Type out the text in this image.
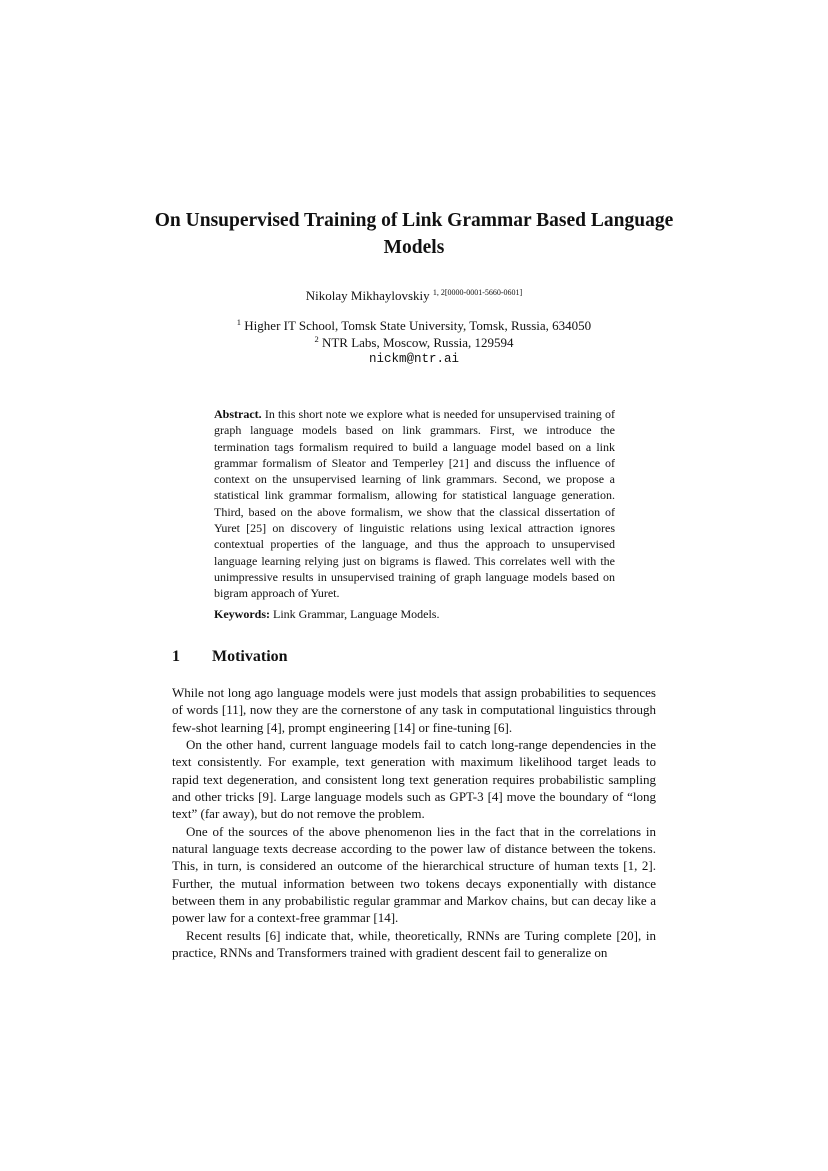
On Unsupervised Training of Link Grammar Based Language Models
Nikolay Mikhaylovskiy $^{1, 2[0000-0001-5660-0601]}$
$^1$ Higher IT School, Tomsk State University, Tomsk, Russia, 634050
$^2$ NTR Labs, Moscow, Russia, 129594
nickm@ntr.ai

Abstract. In this short note we explore what is needed for unsupervised training of graph language models based on link grammars. First, we introduce the termination tags formalism required to build a language model based on a link grammar formalism of Sleator and Temperley [21] and discuss the influence of context on the unsupervised learning of link grammars. Second, we propose a statistical link grammar formalism, allowing for statistical language generation. Third, based on the above formalism, we show that the classical dissertation of Yuret [25] on discovery of linguistic relations using lexical attraction ignores contextual properties of the language, and thus the approach to unsupervised language learning relying just on bigrams is flawed. This correlates well with the unimpressive results in unsupervised training of graph language models based on bigram approach of Yuret.

Keywords: Link Grammar, Language Models.

1 Motivation

While not long ago language models were just models that assign probabilities to sequences of words [11], now they are the cornerstone of any task in computational linguistics through few-shot learning [4], prompt engineering [14] or fine-tuning [6].

On the other hand, current language models fail to catch long-range dependencies in the text consistently. For example, text generation with maximum likelihood target leads to rapid text degeneration, and consistent long text generation requires probabilistic sampling and other tricks [9]. Large language models such as GPT-3 [4] move the boundary of “long text” (far away), but do not remove the problem.

One of the sources of the above phenomenon lies in the fact that in the correlations in natural language texts decrease according to the power law of distance between the tokens. This, in turn, is considered an outcome of the hierarchical structure of human texts [1, 2]. Further, the mutual information between two tokens decays exponentially with distance between them in any probabilistic regular grammar and Markov chains, but can decay like a power law for a context-free grammar [14].

Recent results [6] indicate that, while, theoretically, RNNs are Turing complete [20], in practice, RNNs and Transformers trained with gradient descent fail to generalize on
